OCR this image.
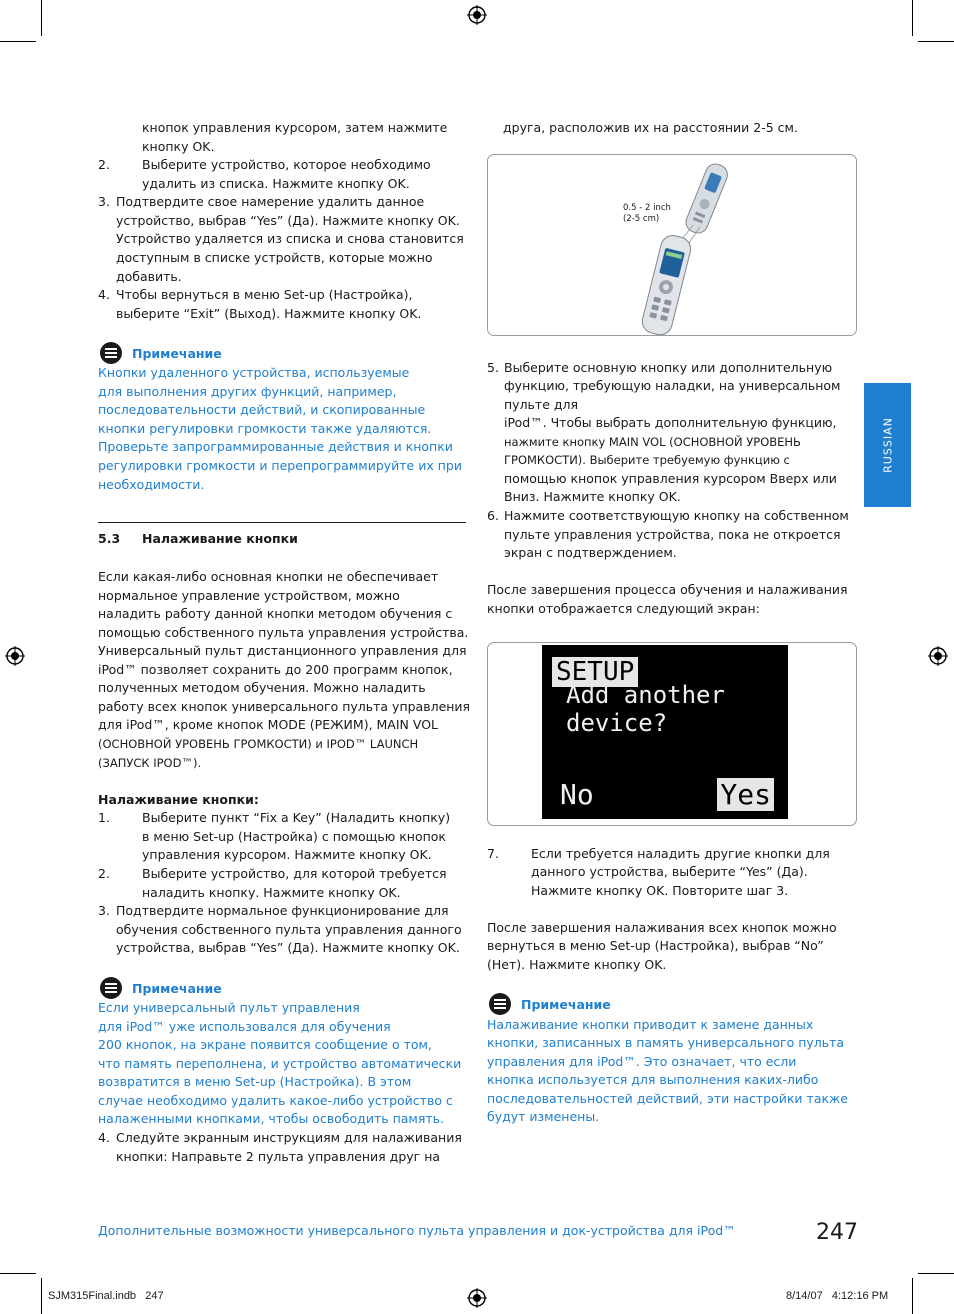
кнопок управления курсором, затем нажмите
кнопку OK.
2.	Выберите устройство, которое необходимо
удалить из списка. Нажмите кнопку OK.
3. Подтвердите свое намерение удалить данное
устройство, выбрав “Yes” (Да). Нажмите кнопку OK.
Устройство удаляется из списка и снова становится
доступным в списке устройств, которые можно
добавить.
4. Чтобы вернуться в меню Set-up (Настройка),
выберите “Exit” (Выход). Нажмите кнопку OK.
Примечание
Кнопки удаленного устройства, используемые
для выполнения других функций, например,
последовательности действий, и скопированные
кнопки регулировки громкости также удаляются.
Проверьте запрограммированные действия и кнопки
регулировки громкости и перепрограммируйте их при
необходимости.
5.3 Налаживание кнопки
Если какая-либо основная кнопки не обеспечивает
нормальное управление устройством, можно
наладить работу данной кнопки методом обучения с
помощью собственного пульта управления устройства.
Универсальный пульт дистанционного управления для
iPod™ позволяет сохранить до 200 программ кнопок,
полученных методом обучения. Можно наладить
работу всех кнопок универсального пульта управления
для iPod™, кроме кнопок MODE (РЕЖИМ), MAIN VOL
(ОСНОВНОЙ УРОВЕНЬ ГРОМКОСТИ) и IPOD™ LAUNCH
(ЗАПУСК IPOD™).
Налаживание кнопки:
1.	Выберите пункт “Fix a Key” (Наладить кнопку)
в меню Set-up (Настройка) с помощью кнопок
управления курсором. Нажмите кнопку OK.
2.	Выберите устройство, для которой требуется
наладить кнопку. Нажмите кнопку OK.
3. Подтвердите нормальное функционирование для
обучения собственного пульта управления данного
устройства, выбрав “Yes” (Да). Нажмите кнопку OK.
Примечание
Если универсальный пульт управления
для iPod™ уже использовался для обучения
200 кнопок, на экране появится сообщение о том,
что память переполнена, и устройство автоматически
возвратится в меню Set-up (Настройка). В этом
случае необходимо удалить какое-либо устройство с
налаженными кнопками, чтобы освободить память.
4. Следуйте экранным инструкциям для налаживания
кнопки: Направьте 2 пульта управления друг на
друга, расположив их на расстоянии 2-5 см.
0.5 - 2 inch
(2-5 cm)
5. Выберите основную кнопку или дополнительную
функцию, требующую наладки, на универсальном
пульте для
iPod™. Чтобы выбрать дополнительную функцию,
нажмите кнопку MAIN VOL (ОСНОВНОЙ УРОВЕНЬ
ГРОМКОСТИ). Выберите требуемую функцию с
помощью кнопок управления курсором Вверх или
Вниз. Нажмите кнопку OK.
6. Нажмите соответствующую кнопку на собственном
пульте управления устройства, пока не откроется
экран с подтверждением.
После завершения процесса обучения и налаживания
кнопки отображается следующий экран:
SETUP
Add another device?
No	Yes
7.	Если требуется наладить другие кнопки для
данного устройства, выберите “Yes” (Да).
Нажмите кнопку OK. Повторите шаг 3.
После завершения налаживания всех кнопок можно
вернуться в меню Set-up (Настройка), выбрав “No”
(Нет). Нажмите кнопку OK.
Примечание
Налаживание кнопки приводит к замене данных
кнопки, записанных в память универсального пульта
управления для iPod™. Это означает, что если
кнопка используется для выполнения каких-либо
последовательностей действий, эти настройки также
будут изменены.
RUSSIAN
Дополнительные возможности универсального пульта управления и док-устройства для iPod™	247
SJM315Final.indb   247	8/14/07   4:12:16 PM
